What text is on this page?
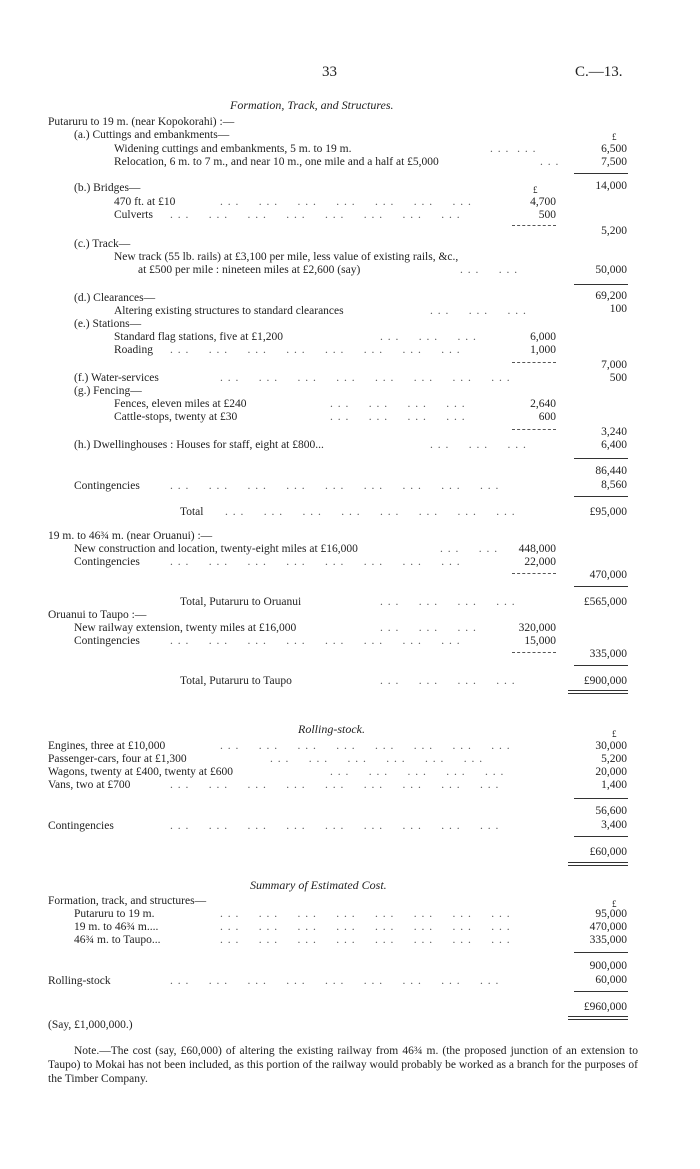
33	C.—13.
Formation, Track, and Structures.
Putaruru to 19 m. (near Kopokorahi) :—
(a.) Cuttings and embankments—	£
Widening cuttings and embankments, 5 m. to 19 m.	. . .  . . .	6,500
Relocation, 6 m. to 7 m., and near 10 m., one mile and a half at £5,000	. . .	7,500
14,000
(b.) Bridges—	£
470 ft. at £10	. . .     . . .     . . .     . . .     . . .     . . .     . . .	4,700
Culverts . . .     . . .     . . .     . . .     . . .     . . .     . . .     . . .	500
5,200
(c.) Track—
New track (55 lb. rails) at £3,100 per mile, less value of existing rails, &c.,
at £500 per mile : nineteen miles at £2,600 (say)	. . .     . . .	50,000
69,200
(d.) Clearances—
Altering existing structures to standard clearances	. . .     . . .     . . .	100
(e.) Stations—
Standard flag stations, five at £1,200	. . .     . . .     . . .	6,000
Roading . . .     . . .     . . .     . . .     . . .     . . .     . . .     . . .	1,000
7,000
(f.) Water-services	. . .     . . .     . . .     . . .     . . .     . . .     . . .     . . .	500
(g.) Fencing—
Fences, eleven miles at £240	. . .     . . .     . . .     . . .	2,640
Cattle-stops, twenty at £30	. . .     . . .     . . .     . . .	600
3,240
(h.) Dwellinghouses : Houses for staff, eight at £800...	. . .     . . .     . . .	6,400
86,440
Contingencies	. . .     . . .     . . .     . . .     . . .     . . .     . . .     . . .     . . .	8,560
Total . . .     . . .     . . .     . . .     . . .     . . .     . . .     . . .	£95,000
19 m. to 46¾ m. (near Oruanui) :—
New construction and location, twenty-eight miles at £16,000	. . .     . . .	448,000
Contingencies	. . .     . . .     . . .     . . .     . . .     . . .     . . .     . . .	22,000
470,000
Total, Putaruru to Oruanui	. . .     . . .     . . .     . . .	£565,000
Oruanui to Taupo :—
New railway extension, twenty miles at £16,000	. . .     . . .     . . .	320,000
Contingencies	. . .     . . .     . . .     . . .     . . .     . . .     . . .     . . .	15,000
335,000
Total, Putaruru to Taupo	. . .     . . .     . . .     . . .	£900,000
Rolling-stock.	£
Engines, three at £10,000	. . .     . . .     . . .     . . .     . . .     . . .     . . .     . . .	30,000
Passenger-cars, four at £1,300	. . .     . . .     . . .     . . .     . . .     . . .	5,200
Wagons, twenty at £400, twenty at £600	. . .     . . .     . . .     . . .     . . .	20,000
Vans, two at £700	. . .     . . .     . . .     . . .     . . .     . . .     . . .     . . .     . . .	1,400
56,600
Contingencies	. . .     . . .     . . .     . . .     . . .     . . .     . . .     . . .     . . .	3,400
£60,000
Summary of Estimated Cost.
Formation, track, and structures—	£
Putaruru to 19 m.	. . .     . . .     . . .     . . .     . . .     . . .     . . .     . . .	95,000
19 m. to 46¾ m....	. . .     . . .     . . .     . . .     . . .     . . .     . . .     . . .	470,000
46¾ m. to Taupo...	. . .     . . .     . . .     . . .     . . .     . . .     . . .     . . .	335,000
900,000
Rolling-stock	. . .     . . .     . . .     . . .     . . .     . . .     . . .     . . .     . . .	60,000
£960,000
(Say, £1,000,000.)
Note.—The cost (say, £60,000) of altering the existing railway from 46¾ m. (the proposed junction of an extension to Taupo) to Mokai has not been included, as this portion of the railway would probably be worked as a branch for the purposes of the Timber Company.
